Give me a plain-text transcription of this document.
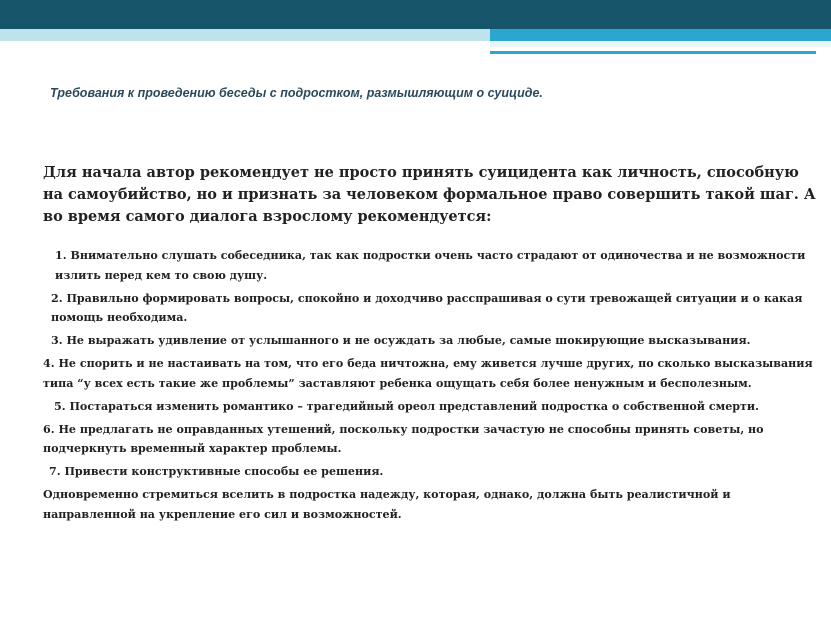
Требования к проведению беседы с подростком, размышляющим о суициде.
Для начала автор рекомендует не просто принять суицидента как личность, способную на самоубийство, но и признать за человеком формальное право совершить такой шаг. А во время самого диалога взрослому рекомендуется:

1. Внимательно слушать собеседника, так как подростки очень часто страдают от одиночества и не возможности излить перед кем то свою душу.

2. Правильно формировать вопросы, спокойно и доходчиво расспрашивая о сути тревожащей ситуации и о какая помощь необходима.

3. Не выражать удивление от услышанного и не осуждать за любые, самые шокирующие высказывания.

4. Не спорить и не настаивать на том, что его беда ничтожна, ему живется лучше других, по сколько высказывания типа “у всех есть такие же проблемы” заставляют ребенка ощущать себя более ненужным и бесполезным.

5. Постараться изменить романтико – трагедийный ореол представлений подростка о собственной смерти.

6. Не предлагать не оправданных утешений, поскольку подростки зачастую не способны принять советы, но подчеркнуть временный характер проблемы.

7. Привести конструктивные способы ее решения.

Одновременно стремиться вселить в подростка надежду, которая, однако, должна быть реалистичной и направленной на укрепление его сил и возможностей.
